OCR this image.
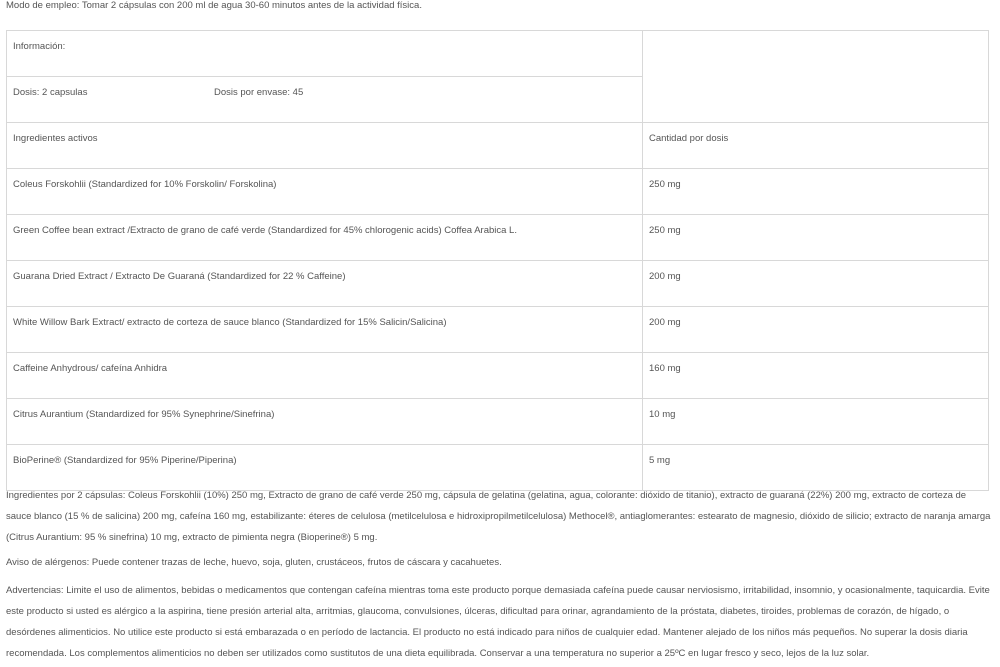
Modo de empleo: Tomar 2 cápsulas con 200 ml de agua 30-60 minutos antes de la actividad física.
Información:	
Dosis: 2 capsulas Dosis por envase: 45	
Ingredientes activos	Cantidad por dosis
Coleus Forskohlii (Standardized for 10% Forskolin/ Forskolina)	250 mg
Green Coffee bean extract /Extracto de grano de café verde (Standardized for 45% chlorogenic acids) Coffea Arabica L.	250 mg
Guarana Dried Extract / Extracto De Guaraná (Standardized for 22 % Caffeine)	200 mg
White Willow Bark Extract/ extracto de corteza de sauce blanco (Standardized for 15% Salicin/Salicina)	200 mg
Caffeine Anhydrous/ cafeína Anhidra	160 mg
Citrus Aurantium (Standardized for 95% Synephrine/Sinefrina)	10 mg
BioPerine® (Standardized for 95% Piperine/Piperina)	5 mg
Ingredientes por 2 cápsulas: Coleus Forskohlii (10%) 250 mg, Extracto de grano de café verde 250 mg, cápsula de gelatina (gelatina, agua, colorante: dióxido de titanio), extracto de guaraná (22%) 200 mg, extracto de corteza de sauce blanco (15 % de salicina) 200 mg, cafeína 160 mg, estabilizante: éteres de celulosa (metilcelulosa e hidroxipropilmetilcelulosa) Methocel®, antiaglomerantes: estearato de magnesio, dióxido de silicio; extracto de naranja amarga (Citrus Aurantium: 95 % sinefrina) 10 mg, extracto de pimienta negra (Bioperine®) 5 mg.
Aviso de alérgenos: Puede contener trazas de leche, huevo, soja, gluten, crustáceos, frutos de cáscara y cacahuetes.
Advertencias: Limite el uso de alimentos, bebidas o medicamentos que contengan cafeína mientras toma este producto porque demasiada cafeína puede causar nerviosismo, irritabilidad, insomnio, y ocasionalmente, taquicardia. Evite este producto si usted es alérgico a la aspirina, tiene presión arterial alta, arritmias, glaucoma, convulsiones, úlceras, dificultad para orinar, agrandamiento de la próstata, diabetes, tiroides, problemas de corazón, de hígado, o desórdenes alimenticios. No utilice este producto si está embarazada o en período de lactancia. El producto no está indicado para niños de cualquier edad. Mantener alejado de los niños más pequeños. No superar la dosis diaria recomendada. Los complementos alimenticios no deben ser utilizados como sustitutos de una dieta equilibrada. Conservar a una temperatura no superior a 25ºC en lugar fresco y seco, lejos de la luz solar.
